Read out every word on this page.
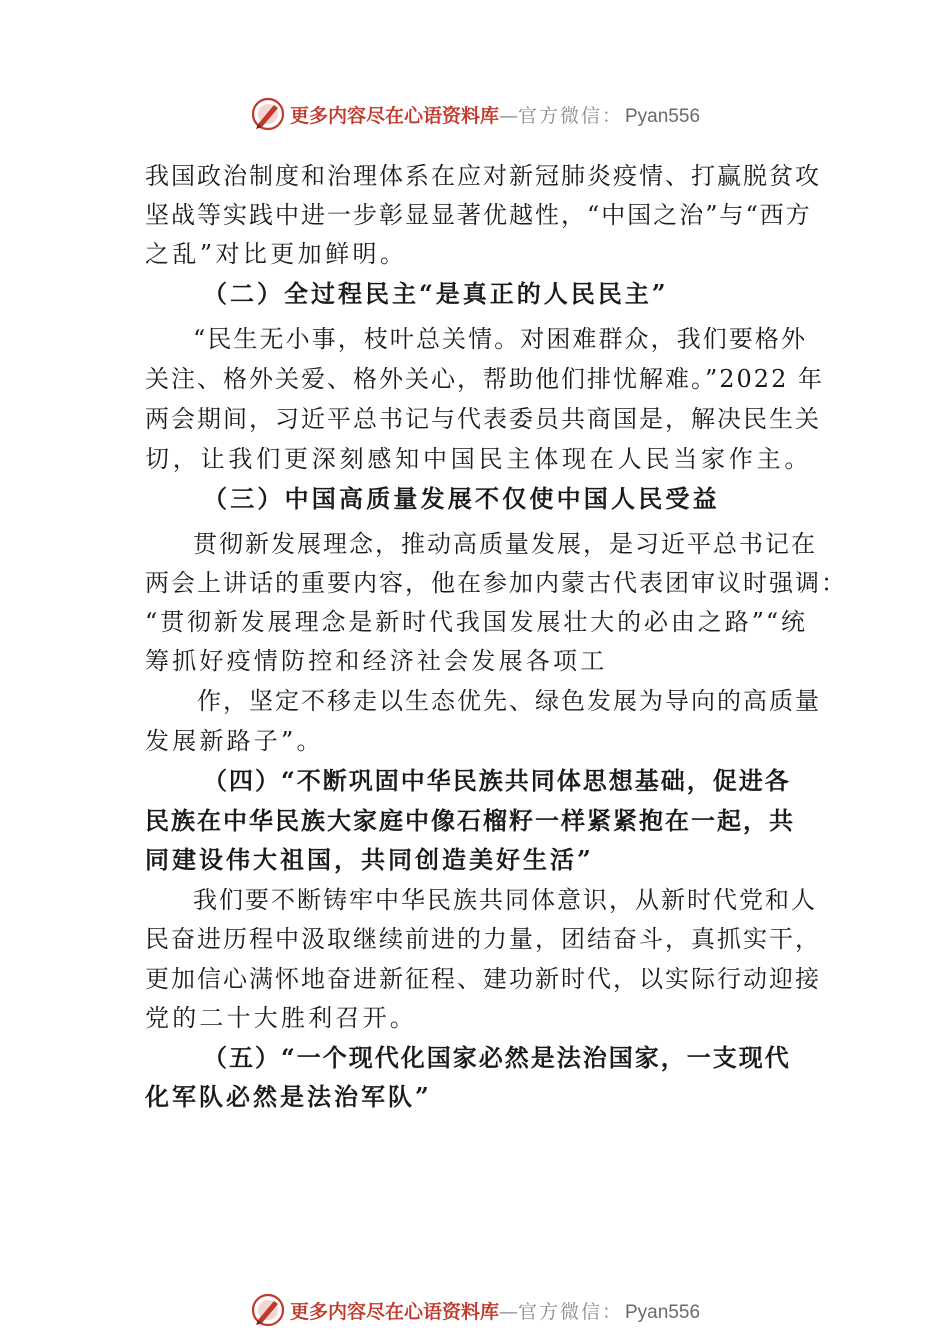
更多内容尽在心语资料库 — 官方微信： Pyan556
我国政治制度和治理体系在应对新冠肺炎疫情、打赢脱贫攻
坚战等实践中进一步彰显显著优越性，“中国之治”与“西方
之乱”对比更加鲜明。
（二）全过程民主“是真正的人民民主”
“民生无小事，枝叶总关情。对困难群众，我们要格外
关注、格外关爱、格外关心，帮助他们排忧解难。”2022 年
两会期间，习近平总书记与代表委员共商国是，解决民生关
切，让我们更深刻感知中国民主体现在人民当家作主。
（三）中国高质量发展不仅使中国人民受益
贯彻新发展理念，推动高质量发展，是习近平总书记在
两会上讲话的重要内容，他在参加内蒙古代表团审议时强调：
“贯彻新发展理念是新时代我国发展壮大的必由之路”“统
筹抓好疫情防控和经济社会发展各项工
作，坚定不移走以生态优先、绿色发展为导向的高质量
发展新路子”。
（四）“不断巩固中华民族共同体思想基础，促进各
民族在中华民族大家庭中像石榴籽一样紧紧抱在一起，共
同建设伟大祖国，共同创造美好生活”
我们要不断铸牢中华民族共同体意识，从新时代党和人
民奋进历程中汲取继续前进的力量，团结奋斗，真抓实干，
更加信心满怀地奋进新征程、建功新时代，以实际行动迎接
党的二十大胜利召开。
（五）“一个现代化国家必然是法治国家，一支现代
化军队必然是法治军队”
更多内容尽在心语资料库 — 官方微信： Pyan556
